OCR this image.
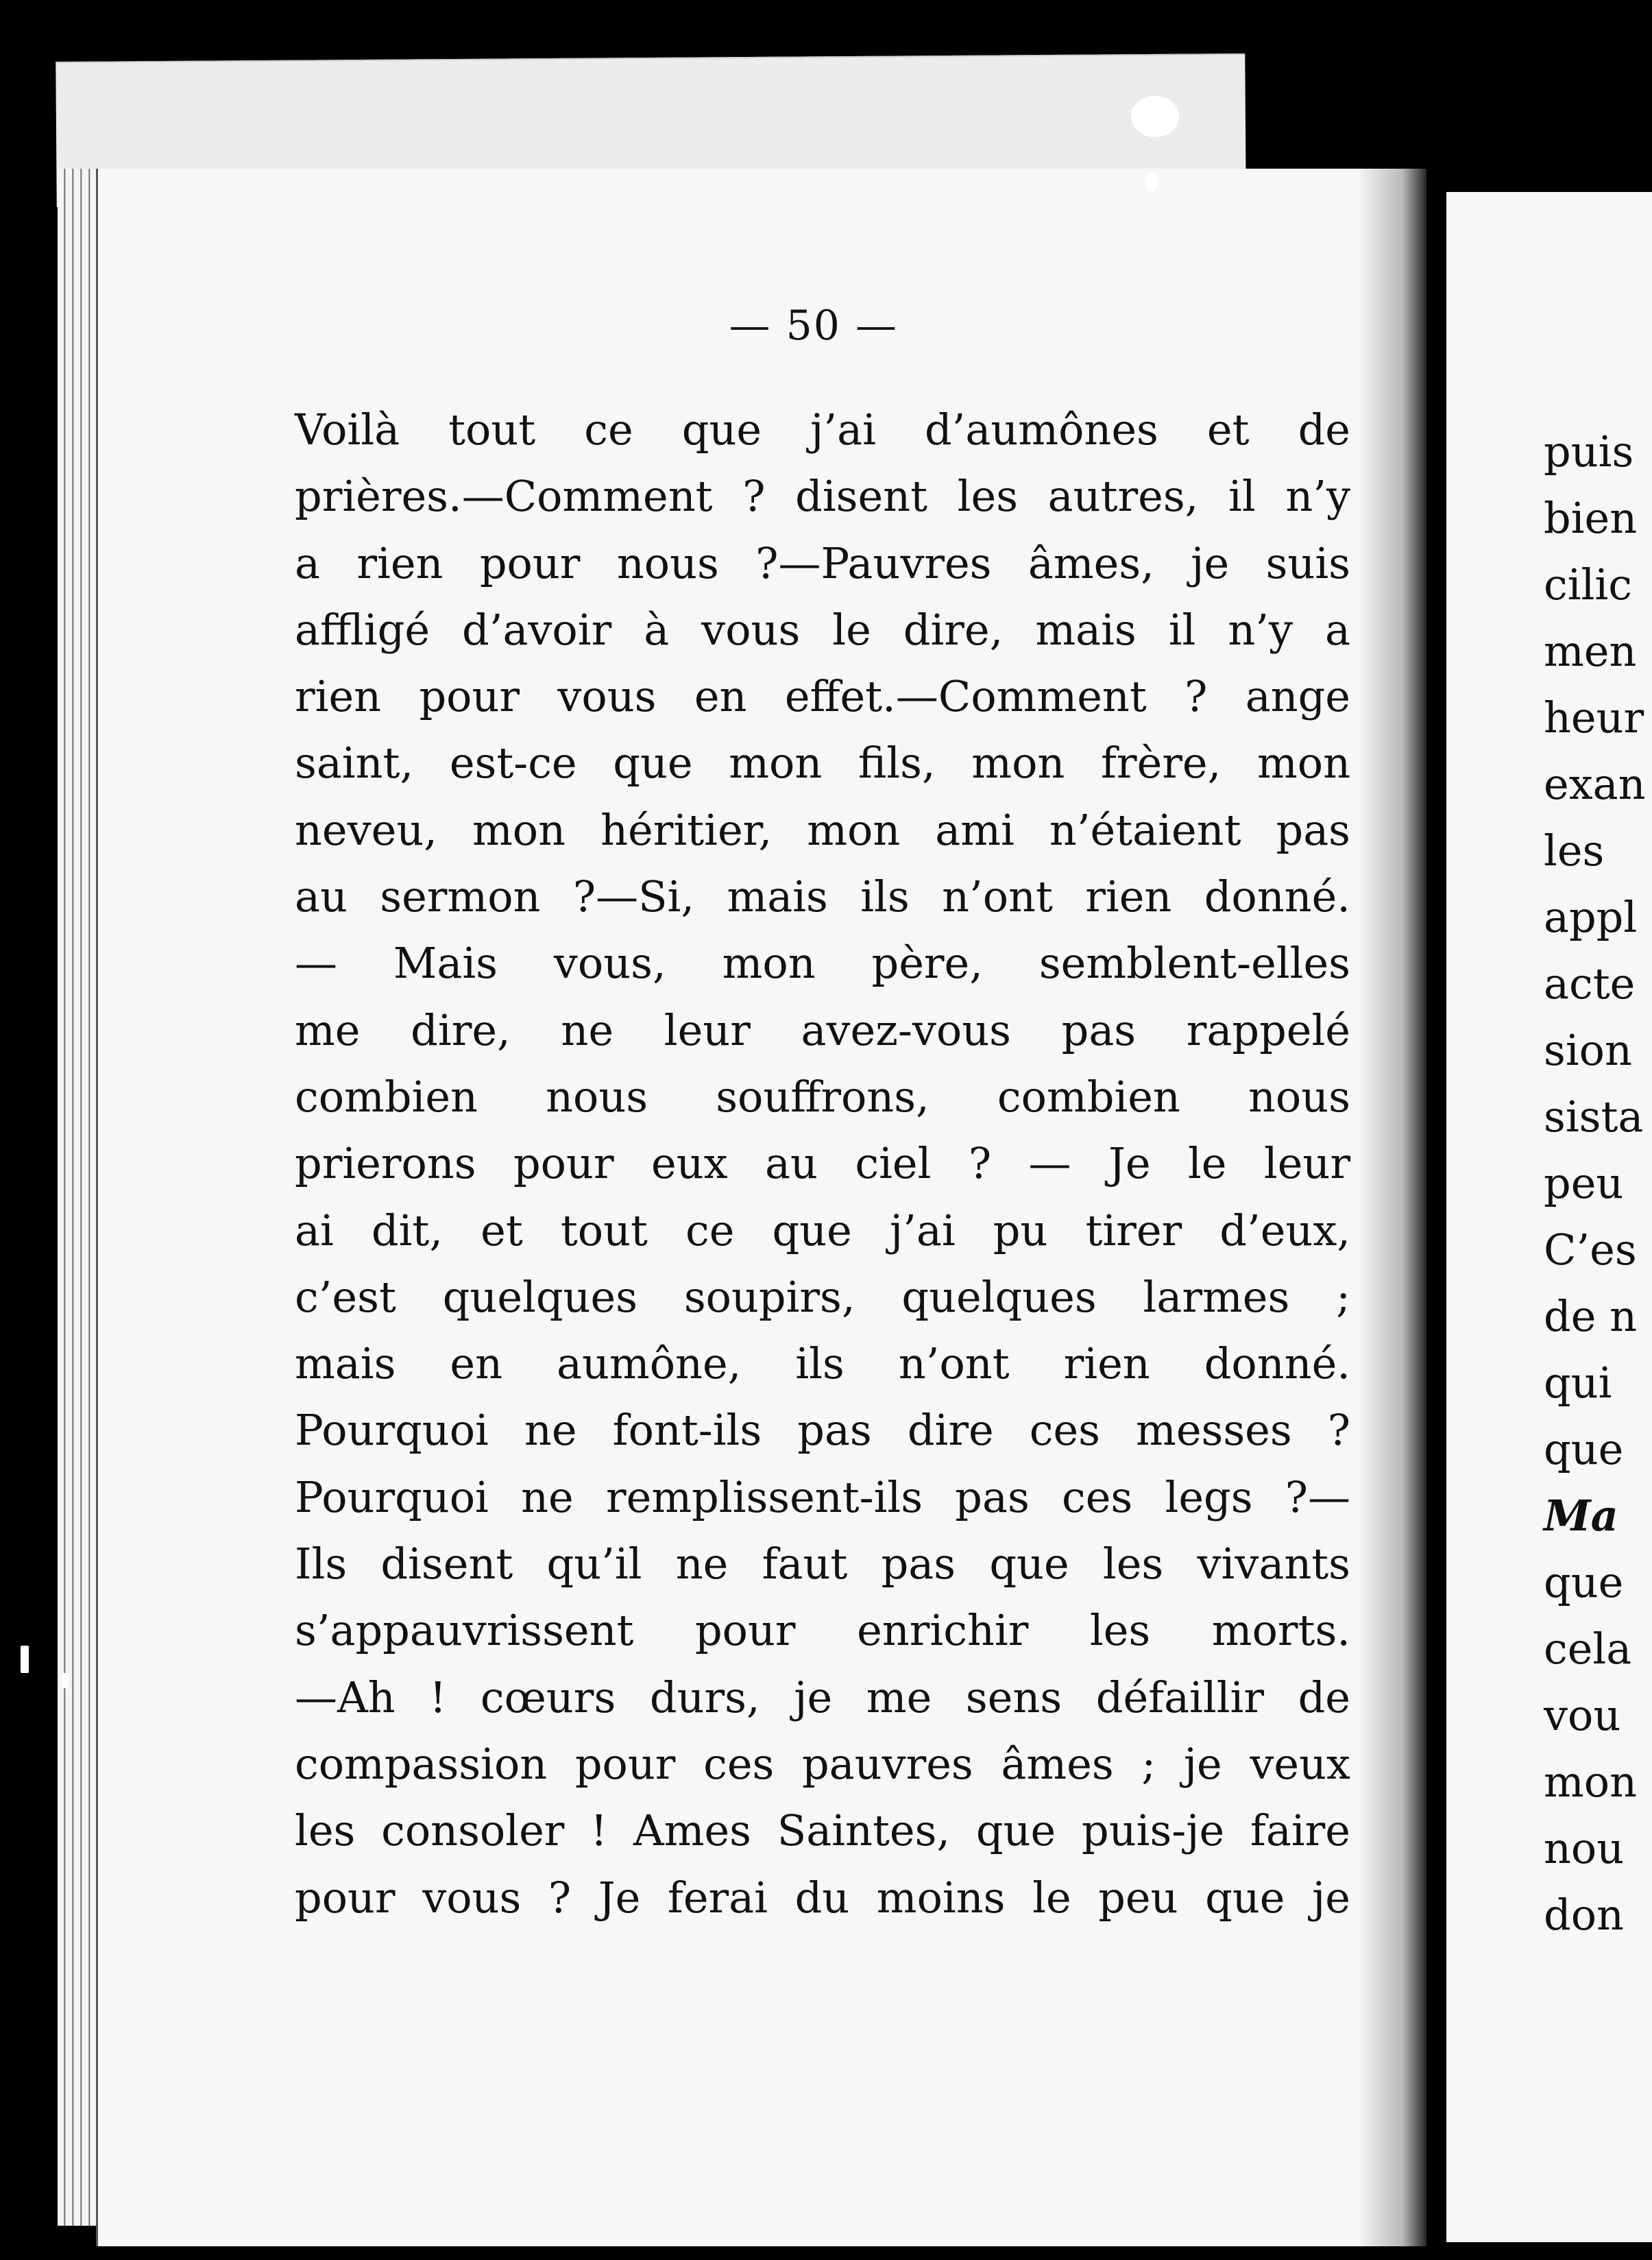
— 50 —
Voilà tout ce que j’ai d’aumônes et de
prières.—Comment ? disent les autres, il n’y
a rien pour nous ?—Pauvres âmes, je suis
affligé d’avoir à vous le dire, mais il n’y a
rien pour vous en effet.—Comment ? ange
saint, est-ce que mon fils, mon frère, mon
neveu, mon héritier, mon ami n’étaient pas
au sermon ?—Si, mais ils n’ont rien donné.
— Mais vous, mon père, semblent-elles
me dire, ne leur avez-vous pas rappelé
combien nous souffrons, combien nous
prierons pour eux au ciel ? — Je le leur
ai dit, et tout ce que j’ai pu tirer d’eux,
c’est quelques soupirs, quelques larmes ;
mais en aumône, ils n’ont rien donné.
Pourquoi ne font-ils pas dire ces messes ?
Pourquoi ne remplissent-ils pas ces legs ?—
Ils disent qu’il ne faut pas que les vivants
s’appauvrissent pour enrichir les morts.
—Ah ! cœurs durs, je me sens défaillir de
compassion pour ces pauvres âmes ; je veux
les consoler ! Ames Saintes, que puis-je faire
pour vous ? Je ferai du moins le peu que je
puis
bien
cilic
men
heur
exan
les
appl
acte
sion
sista
peu
C’es
de n
qui
que
Ma
que
cela
vou
mon
nou
don
